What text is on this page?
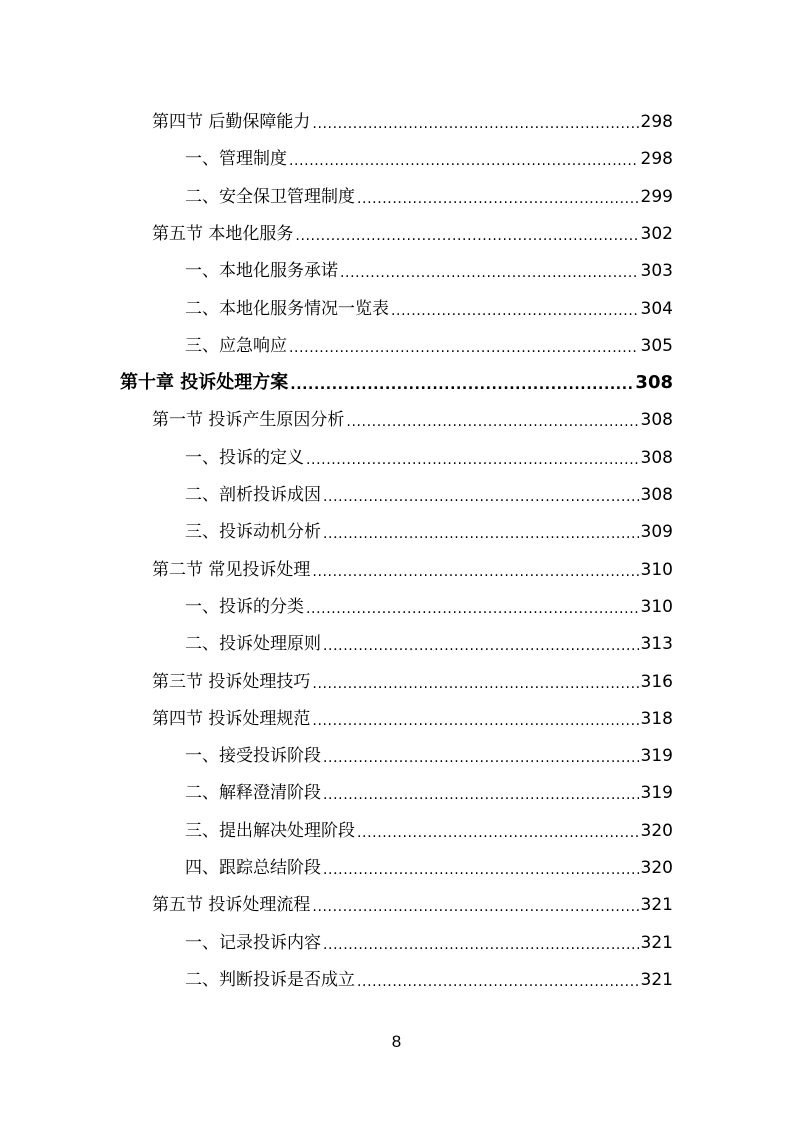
第四节 后勤保障能力 .....	298
一、管理制度 .....	298
二、安全保卫管理制度 .....	299
第五节 本地化服务 .....	302
一、本地化服务承诺 .....	303
二、本地化服务情况一览表 .....	304
三、应急响应 .....	305
第十章 投诉处理方案 .....	308
第一节 投诉产生原因分析 .....	308
一、投诉的定义 .....	308
二、剖析投诉成因 .....	308
三、投诉动机分析 .....	309
第二节 常见投诉处理 .....	310
一、投诉的分类 .....	310
二、投诉处理原则 .....	313
第三节 投诉处理技巧 .....	316
第四节 投诉处理规范 .....	318
一、接受投诉阶段 .....	319
二、解释澄清阶段 .....	319
三、提出解决处理阶段 .....	320
四、跟踪总结阶段 .....	320
第五节 投诉处理流程 .....	321
一、记录投诉内容 .....	321
二、判断投诉是否成立 .....	321
8
